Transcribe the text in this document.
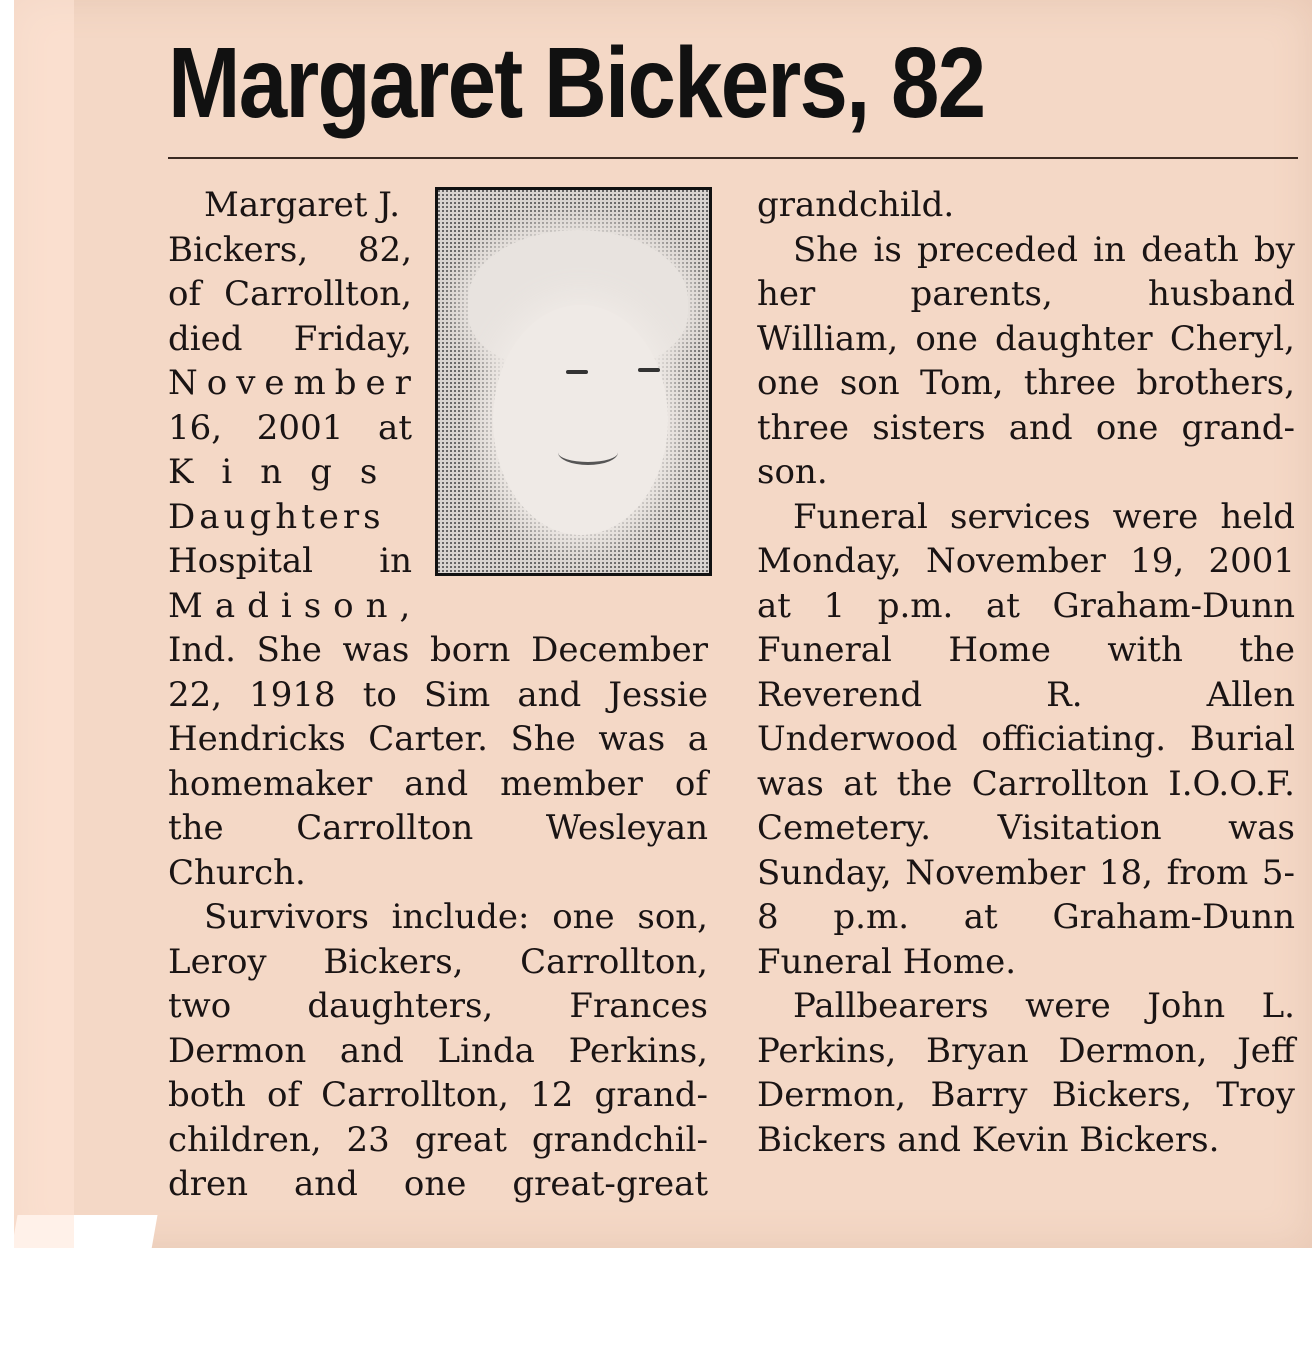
Margaret Bickers, 82
Margaret J.
Bickers, 82,
of Carrollton,
died Friday,
November
16, 2001 at
Kings
Daughters
Hospital in
Madison,
Ind. She was born December
22, 1918 to Sim and Jessie
Hendricks Carter. She was a
homemaker and member of
the Carrollton Wesleyan
Church.
Survivors include: one son,
Leroy Bickers, Carrollton,
two daughters, Frances
Dermon and Linda Perkins,
both of Carrollton, 12 grand-
children, 23 great grandchil-
dren and one great-great
grandchild.
She is preceded in death by
her parents, husband
William, one daughter Cheryl,
one son Tom, three brothers,
three sisters and one grand-
son.
Funeral services were held
Monday, November 19, 2001
at 1 p.m. at Graham-Dunn
Funeral Home with the
Reverend R. Allen
Underwood officiating. Burial
was at the Carrollton I.O.O.F.
Cemetery. Visitation was
Sunday, November 18, from 5-
8 p.m. at Graham-Dunn
Funeral Home.
Pallbearers were John L.
Perkins, Bryan Dermon, Jeff
Dermon, Barry Bickers, Troy
Bickers and Kevin Bickers.
